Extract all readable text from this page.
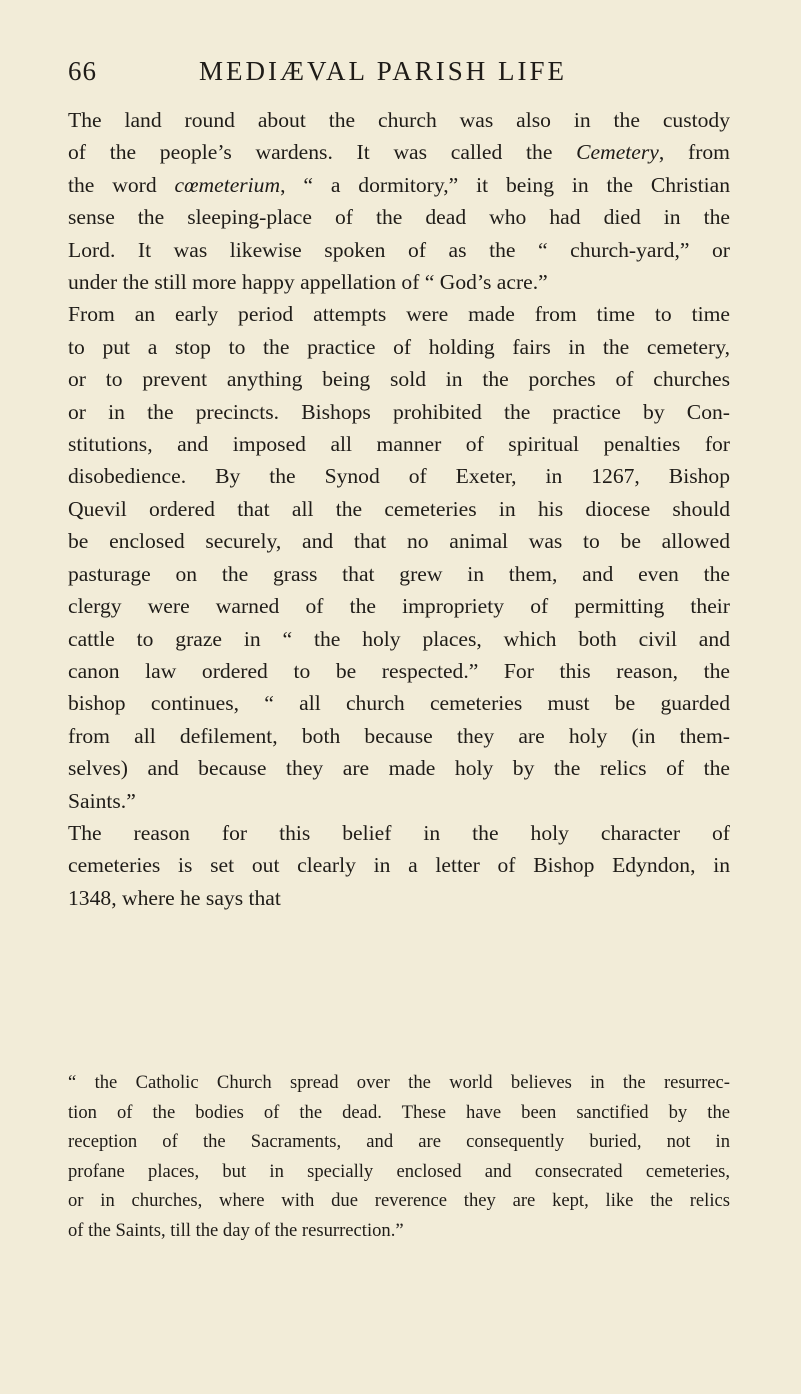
66	MEDIÆVAL PARISH LIFE
The land round about the church was also in the custody
of the people’s wardens. It was called the Cemetery, from
the word cœmeterium, “ a dormitory,” it being in the Christian
sense the sleeping-place of the dead who had died in the
Lord. It was likewise spoken of as the “ church-yard,” or
under the still more happy appellation of “ God’s acre.”
From an early period attempts were made from time to time
to put a stop to the practice of holding fairs in the cemetery,
or to prevent anything being sold in the porches of churches
or in the precincts. Bishops prohibited the practice by Con-
stitutions, and imposed all manner of spiritual penalties for
disobedience. By the Synod of Exeter, in 1267, Bishop
Quevil ordered that all the cemeteries in his diocese should
be enclosed securely, and that no animal was to be allowed
pasturage on the grass that grew in them, and even the
clergy were warned of the impropriety of permitting their
cattle to graze in “ the holy places, which both civil and
canon law ordered to be respected.” For this reason, the
bishop continues, “ all church cemeteries must be guarded
from all defilement, both because they are holy (in them-
selves) and because they are made holy by the relics of the
Saints.”
The reason for this belief in the holy character of
cemeteries is set out clearly in a letter of Bishop Edyndon, in
1348, where he says that
“ the Catholic Church spread over the world believes in the resurrec-
tion of the bodies of the dead. These have been sanctified by the
reception of the Sacraments, and are consequently buried, not in
profane places, but in specially enclosed and consecrated cemeteries,
or in churches, where with due reverence they are kept, like the relics
of the Saints, till the day of the resurrection.”
